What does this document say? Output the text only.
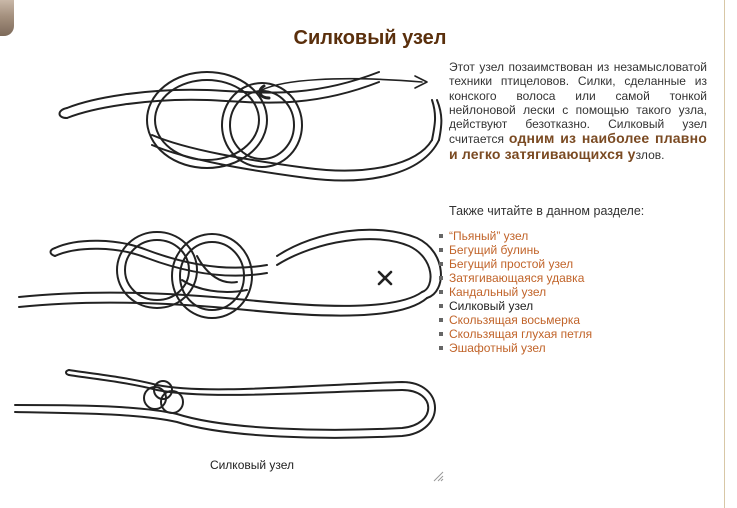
Силковый узел
Силковый узел
Этот узел позаимствован из незамысловатой техники птицеловов. Силки, сделанные из конского волоса или самой тонкой нейлоновой лески с помощью такого узла, действуют безотказно. Силковый узел считается одним из наиболее плавно и легко затягивающихся узлов.
Также читайте в данном разделе:
“Пьяный” узел
Бегущий булинь
Бегущий простой узел
Затягивающаяся удавка
Кандальный узел
Силковый узел
Скользящая восьмерка
Скользящая глухая петля
Эшафотный узел
